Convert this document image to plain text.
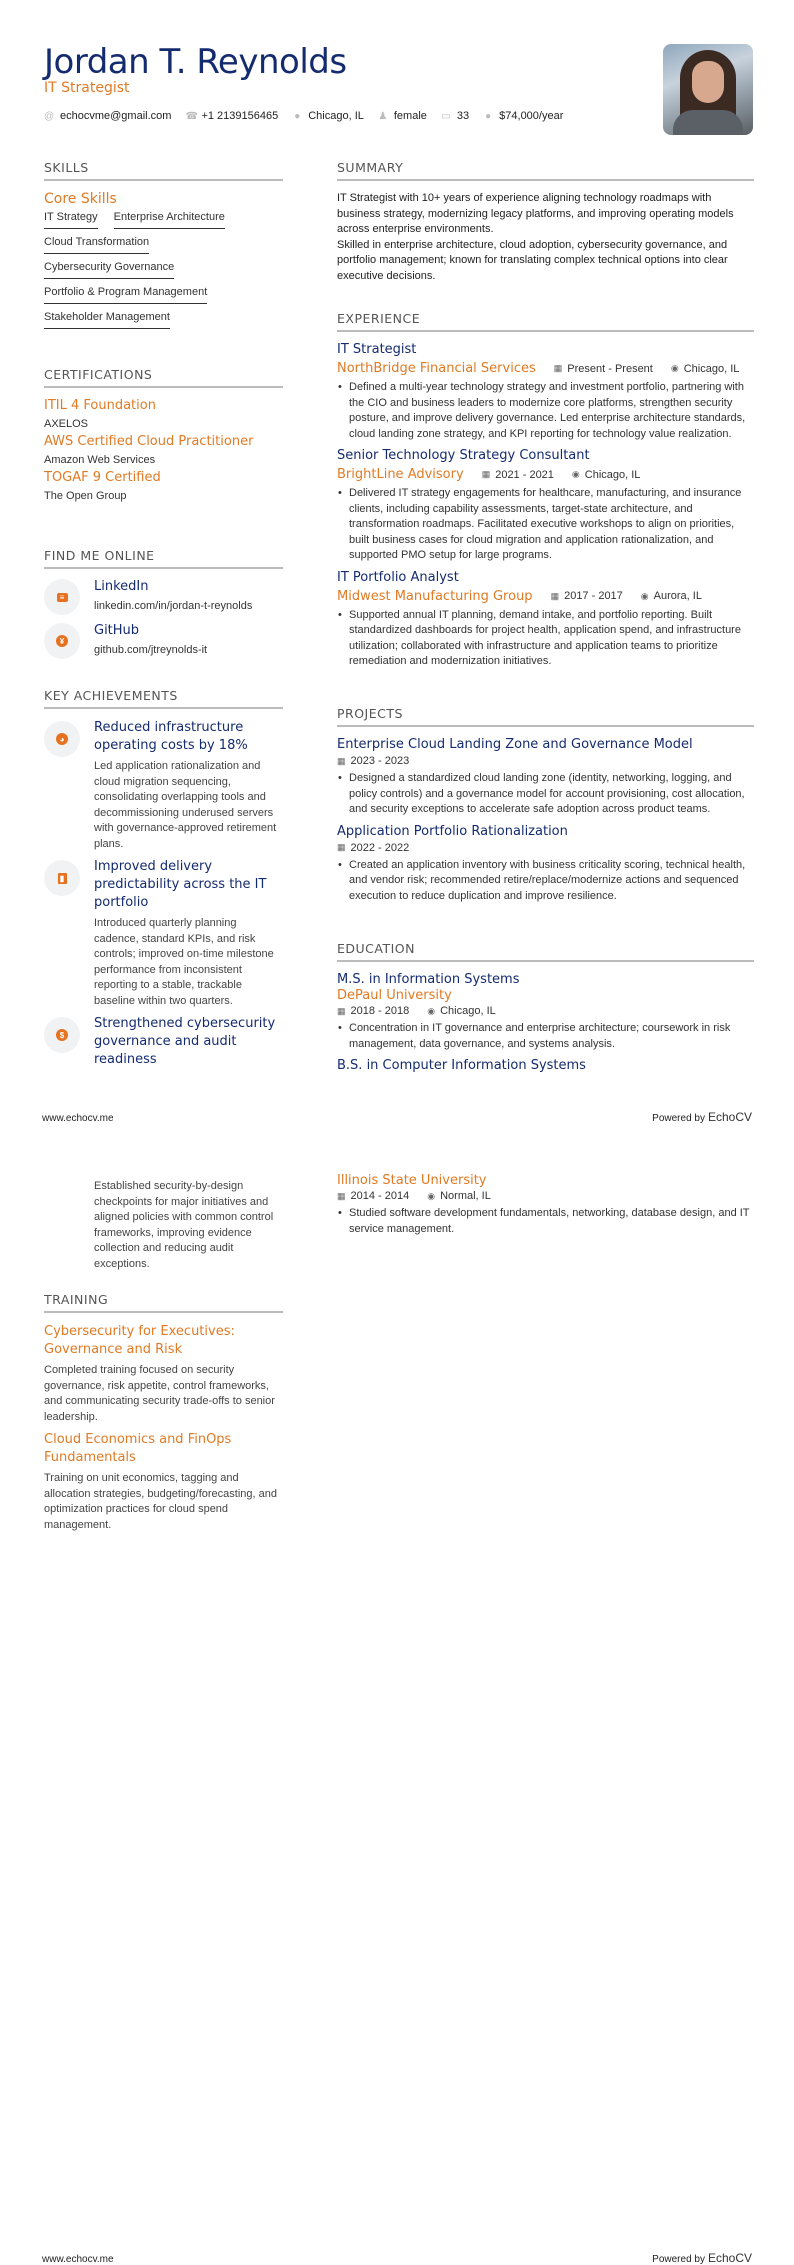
Jordan T. Reynolds
IT Strategist
@ echocvme@gmail.com ☎ +1 2139156465 ● Chicago, IL ♟ female ▭ 33 ● $74,000/year
SKILLS
Core Skills
IT Strategy Enterprise Architecture
Cloud Transformation
Cybersecurity Governance
Portfolio & Program Management
Stakeholder Management
CERTIFICATIONS
ITIL 4 Foundation
AXELOS
AWS Certified Cloud Practitioner
Amazon Web Services
TOGAF 9 Certified
The Open Group
FIND ME ONLINE
≡
LinkedIn
linkedin.com/in/jordan-t-reynolds
¥
GitHub
github.com/jtreynolds-it
KEY ACHIEVEMENTS
◕
Reduced infrastructure operating costs by 18%
Led application rationalization and cloud migration sequencing, consolidating overlapping tools and decommissioning underused servers with governance-approved retirement plans.
▮
Improved delivery predictability across the IT portfolio
Introduced quarterly planning cadence, standard KPIs, and risk controls; improved on-time milestone performance from inconsistent reporting to a stable, trackable baseline within two quarters.
$
Strengthened cybersecurity governance and audit readiness
SUMMARY

IT Strategist with 10+ years of experience aligning technology roadmaps with business strategy, modernizing legacy platforms, and improving operating models across enterprise environments.

Skilled in enterprise architecture, cloud adoption, cybersecurity governance, and portfolio management; known for translating complex technical options into clear executive decisions.

EXPERIENCE
IT Strategist
NorthBridge Financial Services ▦ Present - Present ◉ Chicago, IL
• Defined a multi-year technology strategy and investment portfolio, partnering with the CIO and business leaders to modernize core platforms, strengthen security posture, and improve delivery governance. Led enterprise architecture standards, cloud landing zone strategy, and KPI reporting for technology value realization.
Senior Technology Strategy Consultant
BrightLine Advisory ▦ 2021 - 2021 ◉ Chicago, IL
• Delivered IT strategy engagements for healthcare, manufacturing, and insurance clients, including capability assessments, target-state architecture, and transformation roadmaps. Facilitated executive workshops to align on priorities, built business cases for cloud migration and application rationalization, and supported PMO setup for large programs.
IT Portfolio Analyst
Midwest Manufacturing Group ▦ 2017 - 2017 ◉ Aurora, IL
• Supported annual IT planning, demand intake, and portfolio reporting. Built standardized dashboards for project health, application spend, and infrastructure utilization; collaborated with infrastructure and application teams to prioritize remediation and modernization initiatives.
PROJECTS
Enterprise Cloud Landing Zone and Governance Model
▦ 2023 - 2023
• Designed a standardized cloud landing zone (identity, networking, logging, and policy controls) and a governance model for account provisioning, cost allocation, and security exceptions to accelerate safe adoption across product teams.
Application Portfolio Rationalization
▦ 2022 - 2022
• Created an application inventory with business criticality scoring, technical health, and vendor risk; recommended retire/replace/modernize actions and sequenced execution to reduce duplication and improve resilience.
EDUCATION
M.S. in Information Systems
DePaul University
▦ 2018 - 2018 ◉ Chicago, IL
• Concentration in IT governance and enterprise architecture; coursework in risk management, data governance, and systems analysis.
B.S. in Computer Information Systems
www.echocv.me	Powered by EchoCV
Established security-by-design checkpoints for major initiatives and aligned policies with common control frameworks, improving evidence collection and reducing audit exceptions.
TRAINING
Cybersecurity for Executives: Governance and Risk
Completed training focused on security governance, risk appetite, control frameworks, and communicating security trade-offs to senior leadership.
Cloud Economics and FinOps Fundamentals
Training on unit economics, tagging and allocation strategies, budgeting/forecasting, and optimization practices for cloud spend management.
Illinois State University
▦ 2014 - 2014 ◉ Normal, IL
• Studied software development fundamentals, networking, database design, and IT service management.
www.echocv.me	Powered by EchoCV
